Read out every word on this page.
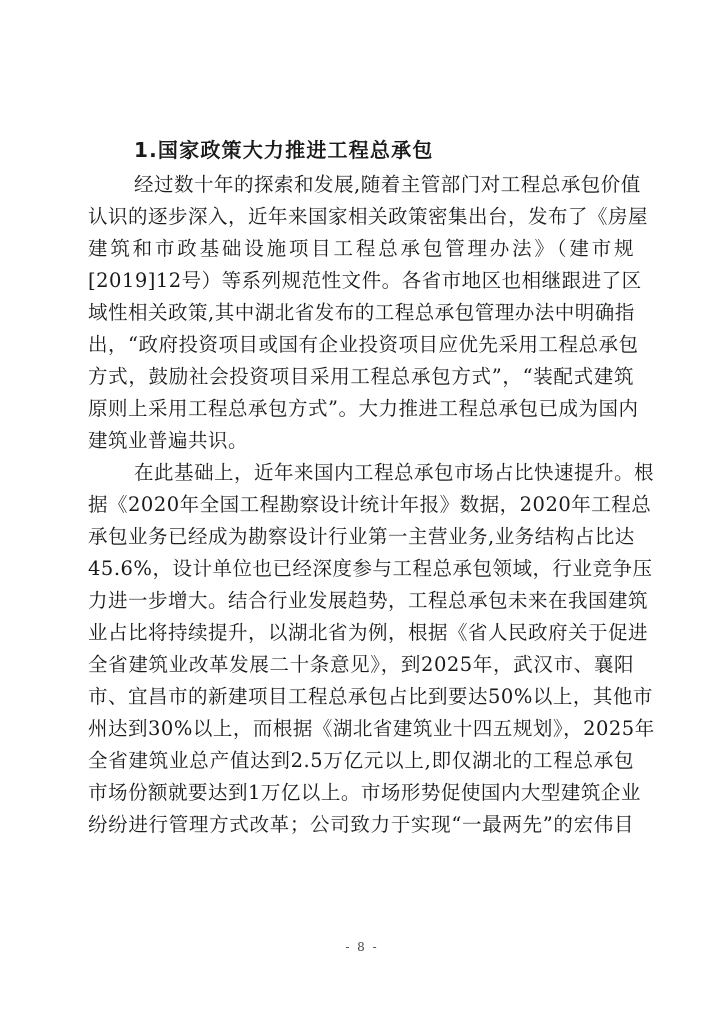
1.国家政策大力推进工程总承包
经过数十年的探索和发展,随着主管部门对工程总承包价值
认识的逐步深入，近年来国家相关政策密集出台，发布了《房屋
建筑和市政基础设施项目工程总承包管理办法》（建市规
[2019]12号）等系列规范性文件。各省市地区也相继跟进了区
域性相关政策,其中湖北省发布的工程总承包管理办法中明确指
出，“政府投资项目或国有企业投资项目应优先采用工程总承包
方式，鼓励社会投资项目采用工程总承包方式”，“装配式建筑
原则上采用工程总承包方式”。大力推进工程总承包已成为国内
建筑业普遍共识。
在此基础上，近年来国内工程总承包市场占比快速提升。根
据《2020年全国工程勘察设计统计年报》数据，2020年工程总
承包业务已经成为勘察设计行业第一主营业务,业务结构占比达
45.6%，设计单位也已经深度参与工程总承包领域，行业竞争压
力进一步增大。结合行业发展趋势，工程总承包未来在我国建筑
业占比将持续提升，以湖北省为例，根据《省人民政府关于促进
全省建筑业改革发展二十条意见》，到2025年，武汉市、襄阳
市、宜昌市的新建项目工程总承包占比到要达50%以上，其他市
州达到30%以上，而根据《湖北省建筑业十四五规划》，2025年
全省建筑业总产值达到2.5万亿元以上,即仅湖北的工程总承包
市场份额就要达到1万亿以上。市场形势促使国内大型建筑企业
纷纷进行管理方式改革；公司致力于实现“一最两先”的宏伟目
- 8 -
